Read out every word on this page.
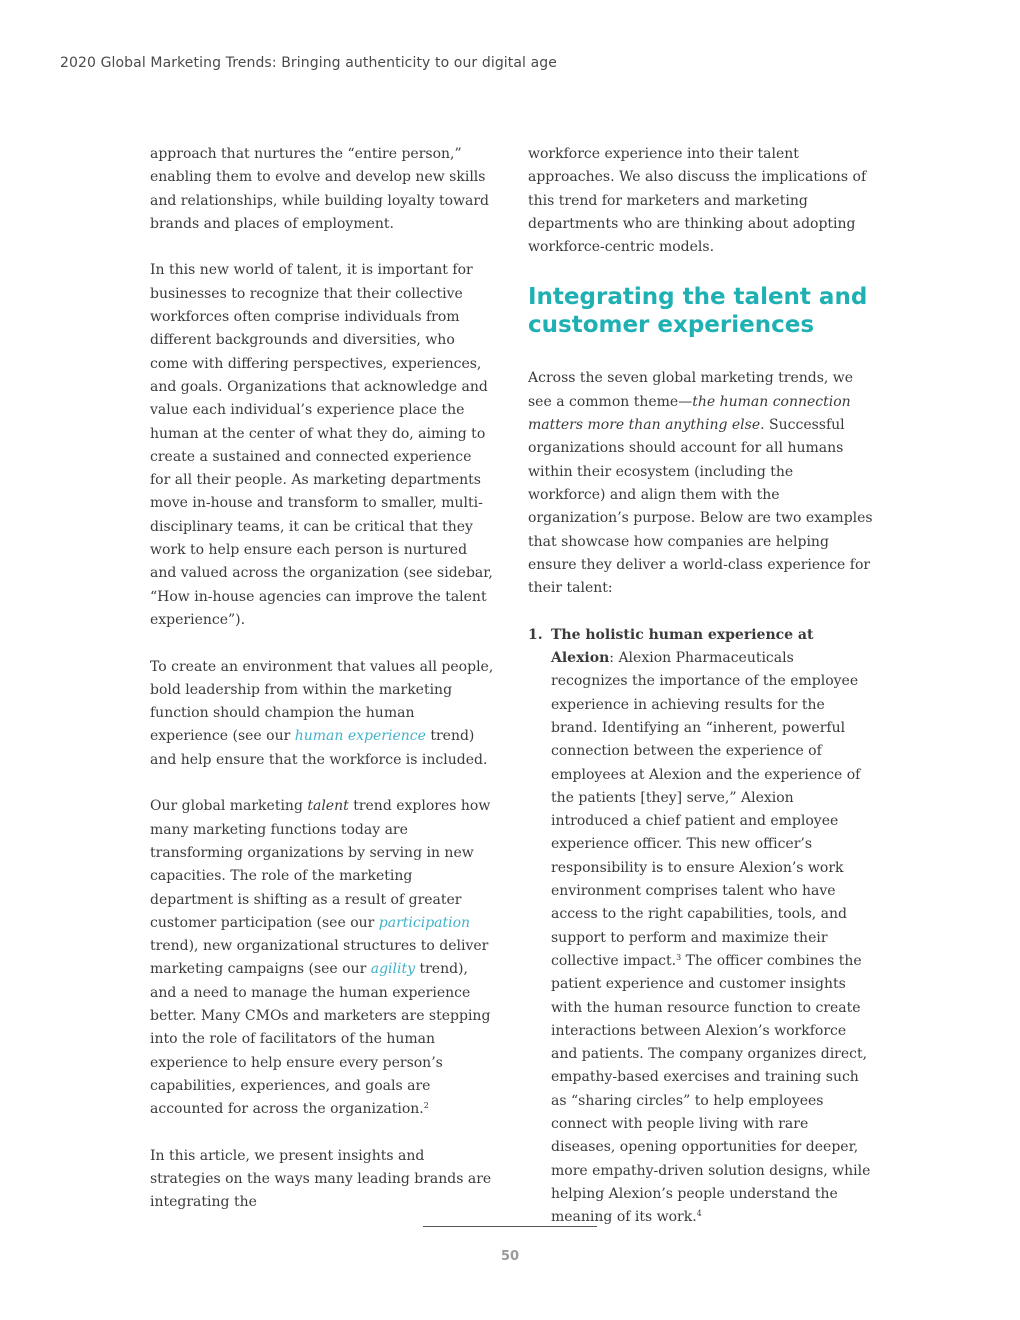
2020 Global Marketing Trends: Bringing authenticity to our digital age

approach that nurtures the “entire person,” enabling them to evolve and develop new skills and relationships, while building loyalty toward brands and places of employment.

In this new world of talent, it is important for businesses to recognize that their collective workforces often comprise individuals from different backgrounds and diversities, who come with differing perspectives, experiences, and goals. Organizations that acknowledge and value each individual’s experience place the human at the center of what they do, aiming to create a sustained and connected experience for all their people. As marketing departments move in-house and transform to smaller, multi-disciplinary teams, it can be critical that they work to help ensure each person is nurtured and valued across the organization (see sidebar, “How in-house agencies can improve the talent experience”).

To create an environment that values all people, bold leadership from within the marketing function should champion the human experience (see our human experience trend) and help ensure that the workforce is included.

Our global marketing talent trend explores how many marketing functions today are transforming organizations by serving in new capacities. The role of the marketing department is shifting as a result of greater customer participation (see our participation trend), new organizational structures to deliver marketing campaigns (see our agility trend), and a need to manage the human experience better. Many CMOs and marketers are stepping into the role of facilitators of the human experience to help ensure every person’s capabilities, experiences, and goals are accounted for across the organization.$^2$

In this article, we present insights and strategies on the ways many leading brands are integrating the

workforce experience into their talent approaches. We also discuss the implications of this trend for marketers and marketing departments who are thinking about adopting workforce-centric models.

Integrating the talent and customer experiences

Across the seven global marketing trends, we see a common theme—the human connection matters more than anything else. Successful organizations should account for all humans within their ecosystem (including the workforce) and align them with the organization’s purpose. Below are two examples that showcase how companies are helping ensure they deliver a world-class experience for their talent:

1. The holistic human experience at Alexion: Alexion Pharmaceuticals recognizes the importance of the employee experience in achieving results for the brand. Identifying an “inherent, powerful connection between the experience of employees at Alexion and the experience of the patients [they] serve,” Alexion introduced a chief patient and employee experience officer. This new officer’s responsibility is to ensure Alexion’s work environment comprises talent who have access to the right capabilities, tools, and support to perform and maximize their collective impact.$^3$ The officer combines the patient experience and customer insights with the human resource function to create interactions between Alexion’s workforce and patients. The company organizes direct, empathy-based exercises and training such as “sharing circles” to help employees connect with people living with rare diseases, opening opportunities for deeper, more empathy-driven solution designs, while helping Alexion’s people understand the meaning of its work.$^4$
50
